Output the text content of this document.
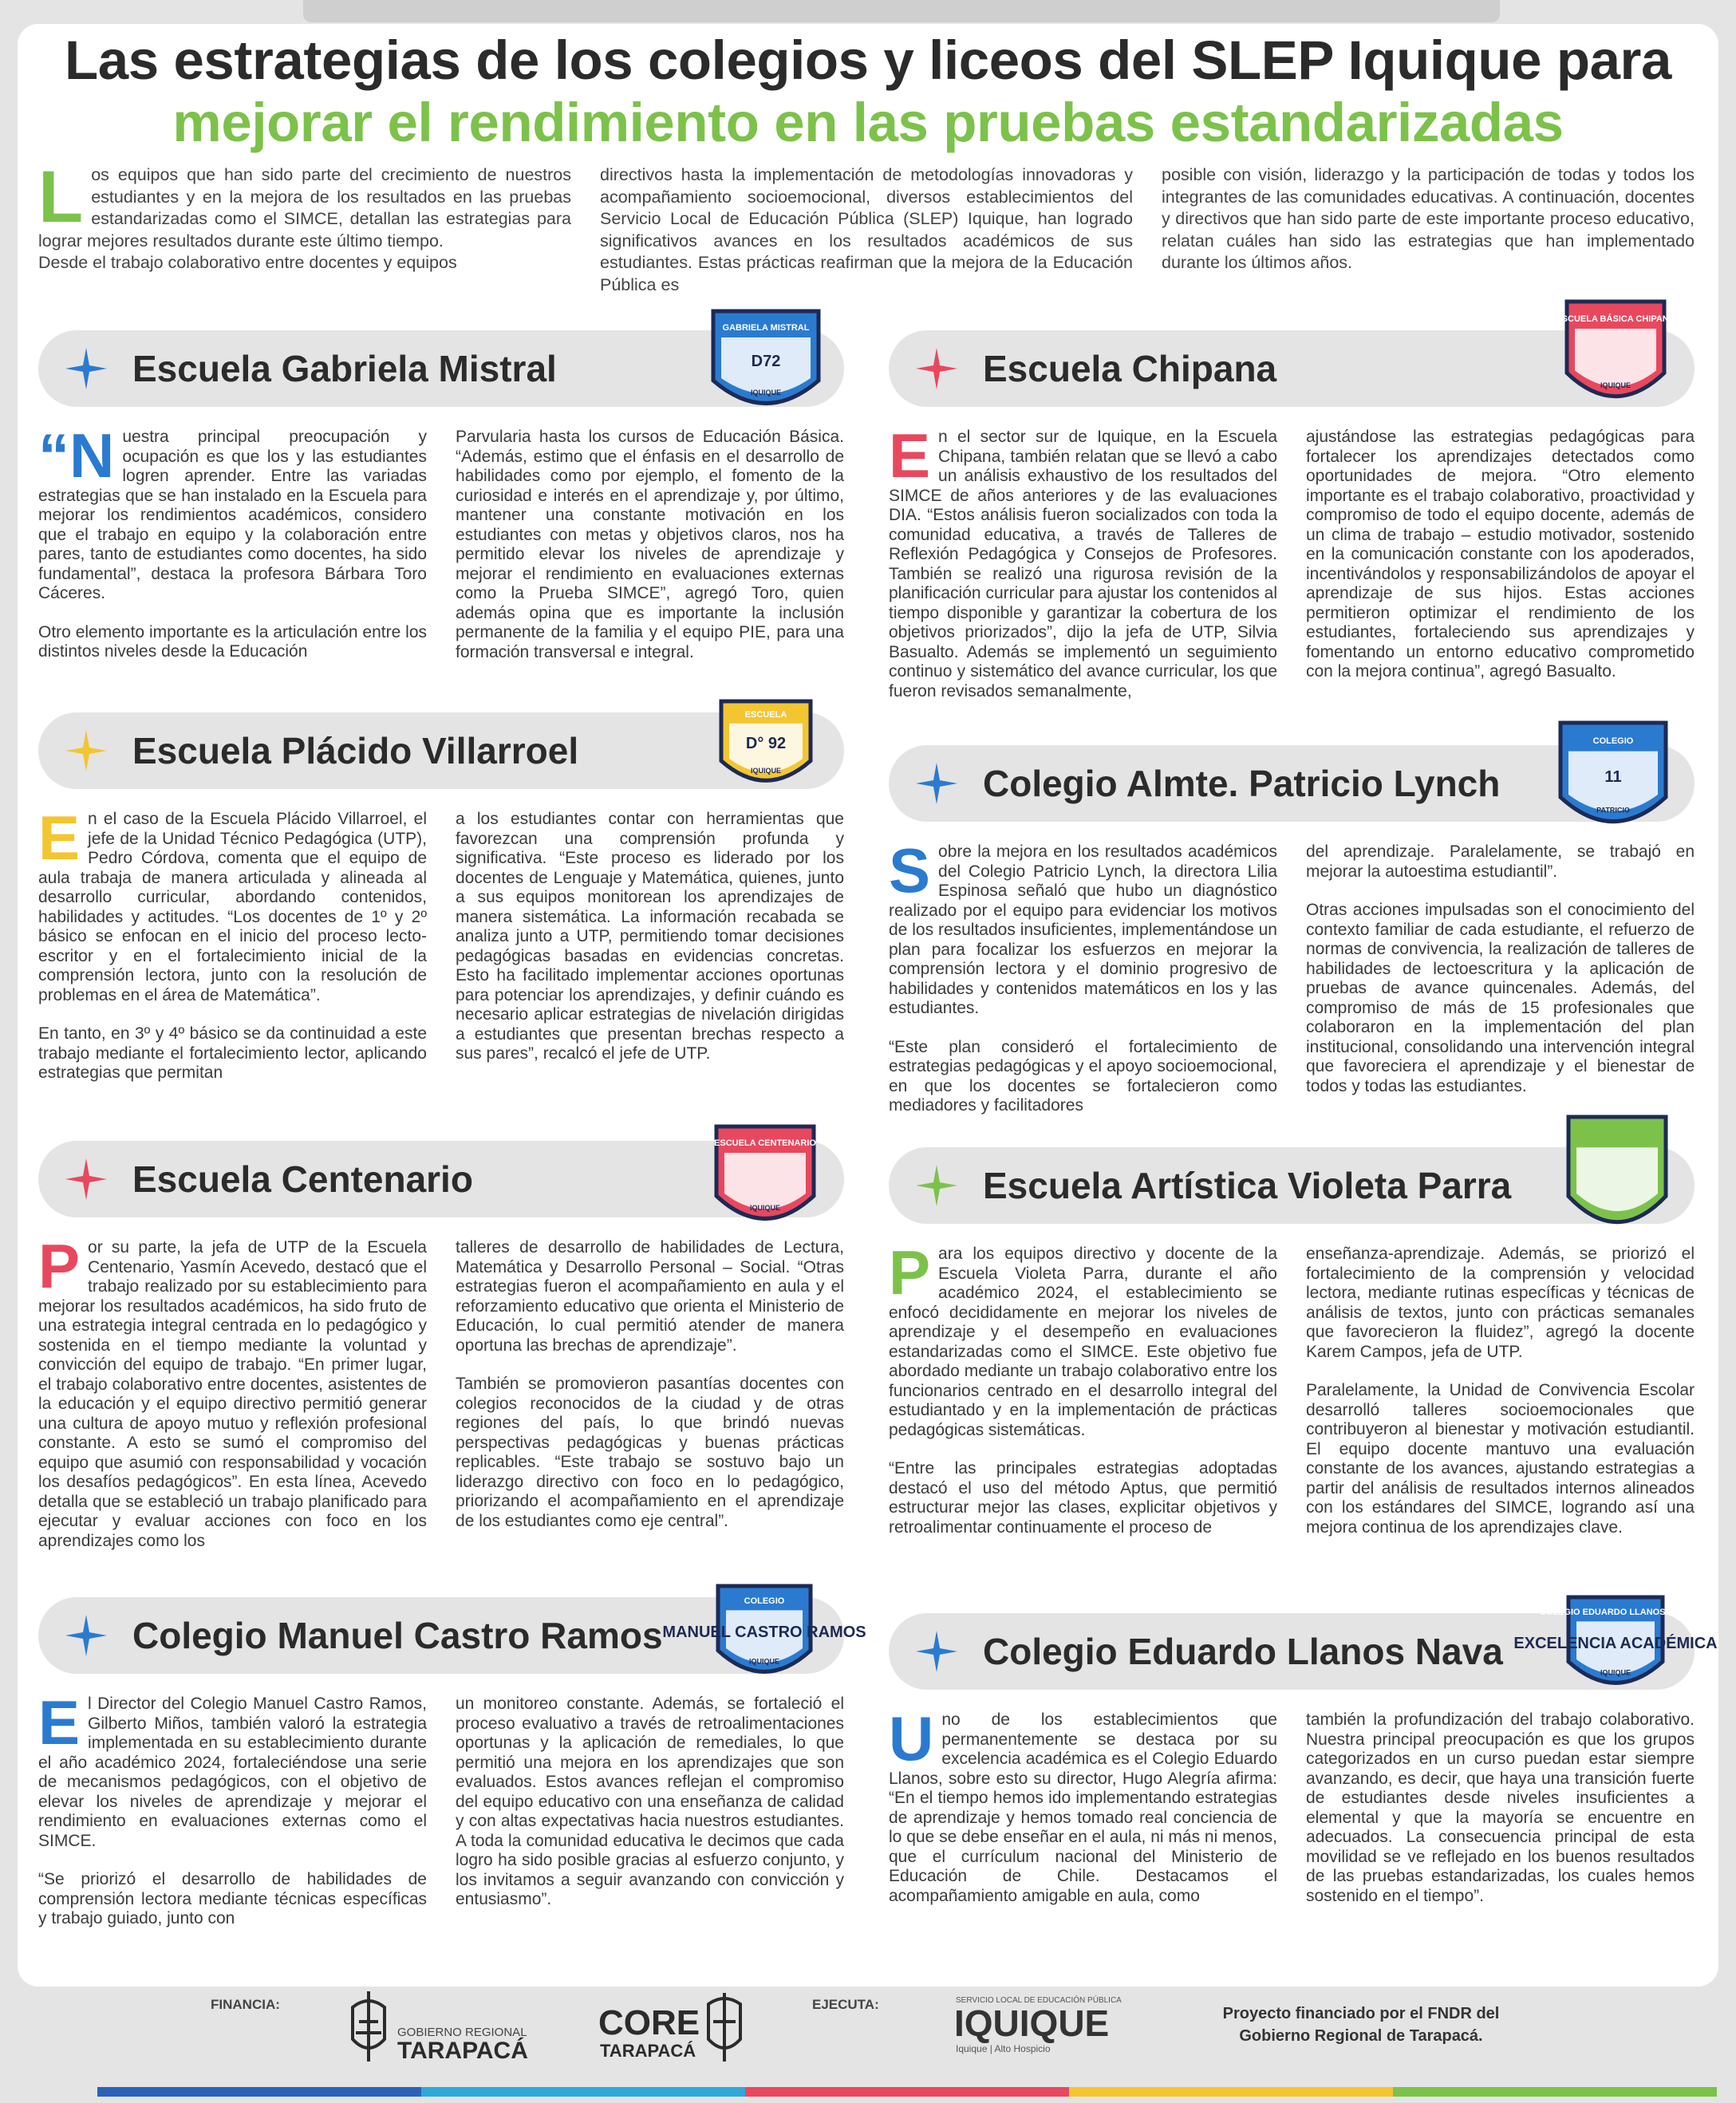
Las estrategias de los colegios y liceos del SLEP Iquique para
mejorar el rendimiento en las pruebas estandarizadas
L os equipos que han sido parte del crecimiento de nuestros estudiantes y en la mejora de los resultados en las pruebas estandarizadas como el SIMCE, detallan las estrategias para lograr mejores resultados durante este último tiempo.
Desde el trabajo colaborativo entre docentes y equipos
directivos hasta la implementación de metodologías innovadoras y acompañamiento socioemocional, diversos establecimientos del Servicio Local de Educación Pública (SLEP) Iquique, han logrado significativos avances en los resultados académicos de sus estudiantes. Estas prácticas reafirman que la mejora de la Educación Pública es
posible con visión, liderazgo y la participación de todas y todos los integrantes de las comunidades educativas. A continuación, docentes y directivos que han sido parte de este importante proceso educativo, relatan cuáles han sido las estrategias que han implementado durante los últimos años.
Escuela Gabriela Mistral
GABRIELA MISTRAL
D72
IQUIQUE

“N uestra principal preocupación y ocupación es que los y las estudiantes logren aprender. Entre las variadas estrategias que se han instalado en la Escuela para mejorar los rendimientos académicos, considero que el trabajo en equipo y la colaboración entre pares, tanto de estudiantes como docentes, ha sido fundamental”, destaca la profesora Bárbara Toro Cáceres.

Otro elemento importante es la articulación entre los distintos niveles desde la Educación

Parvularia hasta los cursos de Educación Básica. “Además, estimo que el énfasis en el desarrollo de habilidades como por ejemplo, el fomento de la curiosidad e interés en el aprendizaje y, por último, mantener una constante motivación en los estudiantes con metas y objetivos claros, nos ha permitido elevar los niveles de aprendizaje y mejorar el rendimiento en evaluaciones externas como la Prueba SIMCE”, agregó Toro, quien además opina que es importante la inclusión permanente de la familia y el equipo PIE, para una formación transversal e integral.

Escuela Chipana
ESCUELA BÁSICA CHIPANA
IQUIQUE

En el sector sur de Iquique, en la Escuela Chipana, también relatan que se llevó a cabo un análisis exhaustivo de los resultados del SIMCE de años anteriores y de las evaluaciones DIA. “Estos análisis fueron socializados con toda la comunidad educativa, a través de Talleres de Reflexión Pedagógica y Consejos de Profesores. También se realizó una rigurosa revisión de la planificación curricular para ajustar los contenidos al tiempo disponible y garantizar la cobertura de los objetivos priorizados”, dijo la jefa de UTP, Silvia Basualto. Además se implementó un seguimiento continuo y sistemático del avance curricular, los que fueron revisados semanalmente,

ajustándose las estrategias pedagógicas para fortalecer los aprendizajes detectados como oportunidades de mejora. “Otro elemento importante es el trabajo colaborativo, proactividad y compromiso de todo el equipo docente, además de un clima de trabajo – estudio motivador, sostenido en la comunicación constante con los apoderados, incentivándolos y responsabilizándolos de apoyar el aprendizaje de sus hijos. Estas acciones permitieron optimizar el rendimiento de los estudiantes, fortaleciendo sus aprendizajes y fomentando un entorno educativo comprometido con la mejora continua”, agregó Basualto.

Escuela Plácido Villarroel
ESCUELA
D° 92
IQUIQUE

En el caso de la Escuela Plácido Villarroel, el jefe de la Unidad Técnico Pedagógica (UTP), Pedro Córdova, comenta que el equipo de aula trabaja de manera articulada y alineada al desarrollo curricular, abordando contenidos, habilidades y actitudes. “Los docentes de 1º y 2º básico se enfocan en el inicio del proceso lecto-escritor y en el fortalecimiento inicial de la comprensión lectora, junto con la resolución de problemas en el área de Matemática”.

En tanto, en 3º y 4º básico se da continuidad a este trabajo mediante el fortalecimiento lector, aplicando estrategias que permitan

a los estudiantes contar con herramientas que favorezcan una comprensión profunda y significativa. “Este proceso es liderado por los docentes de Lenguaje y Matemática, quienes, junto a sus equipos monitorean los aprendizajes de manera sistemática. La información recabada se analiza junto a UTP, permitiendo tomar decisiones pedagógicas basadas en evidencias concretas. Esto ha facilitado implementar acciones oportunas para potenciar los aprendizajes, y definir cuándo es necesario aplicar estrategias de nivelación dirigidas a estudiantes que presentan brechas respecto a sus pares”, recalcó el jefe de UTP.

Colegio Almte. Patricio Lynch
COLEGIO
11
PATRICIO

Sobre la mejora en los resultados académicos del Colegio Patricio Lynch, la directora Lilia Espinosa señaló que hubo un diagnóstico realizado por el equipo para evidenciar los motivos de los resultados insuficientes, implementándose un plan para focalizar los esfuerzos en mejorar la comprensión lectora y el dominio progresivo de habilidades y contenidos matemáticos en los y las estudiantes.

“Este plan consideró el fortalecimiento de estrategias pedagógicas y el apoyo socioemocional, en que los docentes se fortalecieron como mediadores y facilitadores

del aprendizaje. Paralelamente, se trabajó en mejorar la autoestima estudiantil”.

Otras acciones impulsadas son el conocimiento del contexto familiar de cada estudiante, el refuerzo de normas de convivencia, la realización de talleres de habilidades de lectoescritura y la aplicación de pruebas de avance quincenales. Además, del compromiso de más de 15 profesionales que colaboraron en la implementación del plan institucional, consolidando una intervención integral que favoreciera el aprendizaje y el bienestar de todos y todas las estudiantes.

Escuela Centenario
ESCUELA CENTENARIO
IQUIQUE

Por su parte, la jefa de UTP de la Escuela Centenario, Yasmín Acevedo, destacó que el trabajo realizado por su establecimiento para mejorar los resultados académicos, ha sido fruto de una estrategia integral centrada en lo pedagógico y sostenida en el tiempo mediante la voluntad y convicción del equipo de trabajo. “En primer lugar, el trabajo colaborativo entre docentes, asistentes de la educación y el equipo directivo permitió generar una cultura de apoyo mutuo y reflexión profesional constante. A esto se sumó el compromiso del equipo que asumió con responsabilidad y vocación los desafíos pedagógicos”. En esta línea, Acevedo detalla que se estableció un trabajo planificado para ejecutar y evaluar acciones con foco en los aprendizajes como los

talleres de desarrollo de habilidades de Lectura, Matemática y Desarrollo Personal – Social. “Otras estrategias fueron el acompañamiento en aula y el reforzamiento educativo que orienta el Ministerio de Educación, lo cual permitió atender de manera oportuna las brechas de aprendizaje”.

También se promovieron pasantías docentes con colegios reconocidos de la ciudad y de otras regiones del país, lo que brindó nuevas perspectivas pedagógicas y buenas prácticas replicables. “Este trabajo se sostuvo bajo un liderazgo directivo con foco en lo pedagógico, priorizando el acompañamiento en el aprendizaje de los estudiantes como eje central”.

Escuela Artística Violeta Parra

Para los equipos directivo y docente de la Escuela Violeta Parra, durante el año académico 2024, el establecimiento se enfocó decididamente en mejorar los niveles de aprendizaje y el desempeño en evaluaciones estandarizadas como el SIMCE. Este objetivo fue abordado mediante un trabajo colaborativo entre los funcionarios centrado en el desarrollo integral del estudiantado y en la implementación de prácticas pedagógicas sistemáticas.

“Entre las principales estrategias adoptadas destacó el uso del método Aptus, que permitió estructurar mejor las clases, explicitar objetivos y retroalimentar continuamente el proceso de

enseñanza-aprendizaje. Además, se priorizó el fortalecimiento de la comprensión y velocidad lectora, mediante rutinas específicas y técnicas de análisis de textos, junto con prácticas semanales que favorecieron la fluidez”, agregó la docente Karem Campos, jefa de UTP.

Paralelamente, la Unidad de Convivencia Escolar desarrolló talleres socioemocionales que contribuyeron al bienestar y motivación estudiantil. El equipo docente mantuvo una evaluación constante de los avances, ajustando estrategias a partir del análisis de resultados internos alineados con los estándares del SIMCE, logrando así una mejora continua de los aprendizajes clave.

Colegio Manuel Castro Ramos
COLEGIO
MANUEL CASTRO RAMOS
IQUIQUE

El Director del Colegio Manuel Castro Ramos, Gilberto Miños, también valoró la estrategia implementada en su establecimiento durante el año académico 2024, fortaleciéndose una serie de mecanismos pedagógicos, con el objetivo de elevar los niveles de aprendizaje y mejorar el rendimiento en evaluaciones externas como el SIMCE.

“Se priorizó el desarrollo de habilidades de comprensión lectora mediante técnicas específicas y trabajo guiado, junto con

un monitoreo constante. Además, se fortaleció el proceso evaluativo a través de retroalimentaciones oportunas y la aplicación de remediales, lo que permitió una mejora en los aprendizajes que son evaluados. Estos avances reflejan el compromiso del equipo educativo con una enseñanza de calidad y con altas expectativas hacia nuestros estudiantes. A toda la comunidad educativa le decimos que cada logro ha sido posible gracias al esfuerzo conjunto, y los invitamos a seguir avanzando con convicción y entusiasmo”.

Colegio Eduardo Llanos Nava
COLEGIO EDUARDO LLANOS NAVA
EXCELENCIA ACADÉMICA
IQUIQUE

Uno de los establecimientos que permanentemente se destaca por su excelencia académica es el Colegio Eduardo Llanos, sobre esto su director, Hugo Alegría afirma: “En el tiempo hemos ido implementando estrategias de aprendizaje y hemos tomado real conciencia de lo que se debe enseñar en el aula, ni más ni menos, que el currículum nacional del Ministerio de Educación de Chile. Destacamos el acompañamiento amigable en aula, como

también la profundización del trabajo colaborativo. Nuestra principal preocupación es que los grupos categorizados en un curso puedan estar siempre avanzando, es decir, que haya una transición fuerte de estudiantes desde niveles insuficientes a elemental y que la mayoría se encuentre en adecuados. La consecuencia principal de esta movilidad se ve reflejado en los buenos resultados de las pruebas estandarizadas, los cuales hemos sostenido en el tiempo”.

FINANCIA:	EJECUTA:
GOBIERNO REGIONAL
TARAPACÁ
CORE
TARAPACÁ
SERVICIO LOCAL DE EDUCACIÓN PÚBLICA
IQUIQUE
Iquique | Alto Hospicio
Proyecto financiado por el FNDR del Gobierno Regional de Tarapacá.
